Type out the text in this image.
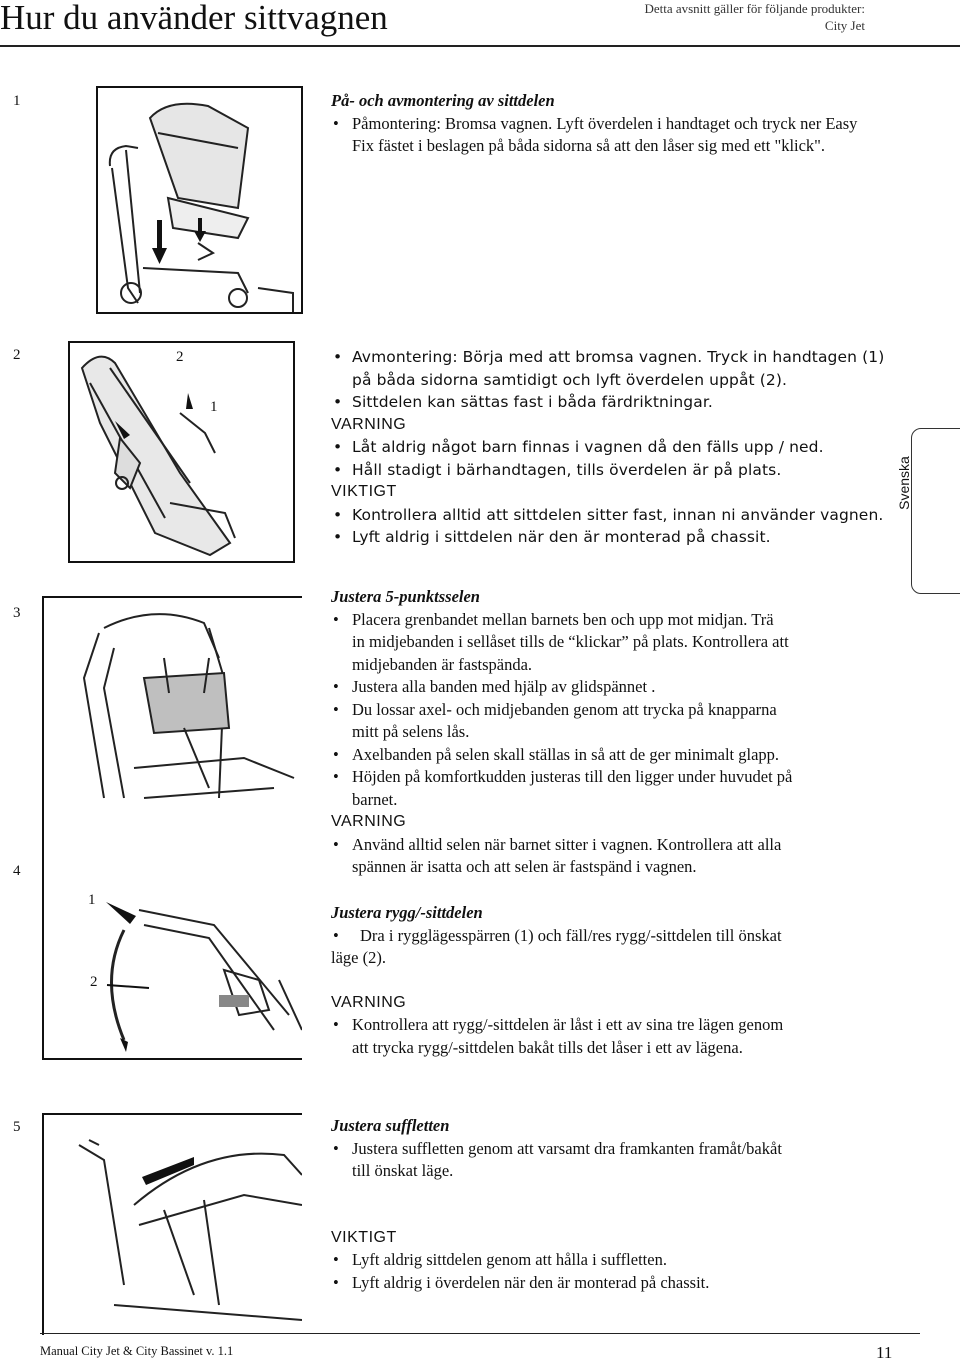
Hur du använder sittvagnen	Detta avsnitt gäller för följande produkter:
City Jet
1
2
3
4
5
2
1
1
2
På- och avmontering av sittdelen
• Påmontering: Bromsa vagnen. Lyft överdelen i handtaget och tryck ner Easy
Fix fästet i beslagen på båda sidorna så att den låser sig med ett "klick".
• Avmontering: Börja med att bromsa vagnen. Tryck in handtagen (1)
på båda sidorna samtidigt och lyft överdelen uppåt (2).
• Sittdelen kan sättas fast i båda färdriktningar.
VARNING
• Låt aldrig något barn finnas i vagnen då den fälls upp / ned.
• Håll stadigt i bärhandtagen, tills överdelen är på plats.
VIKTIGT
• Kontrollera alltid att sittdelen sitter fast, innan ni använder vagnen.
• Lyft aldrig i sittdelen när den är monterad på chassit.
Justera 5-punktsselen
• Placera grenbandet mellan barnets ben och upp mot midjan. Trä
in midjebanden i sellåset tills de “klickar” på plats. Kontrollera att
midjebanden är fastspända.
• Justera alla banden med hjälp av glidspännet .
• Du lossar axel- och midjebanden genom att trycka på knapparna
mitt på selens lås.
• Axelbanden på selen skall ställas in så att de ger minimalt glapp.
• Höjden på komfortkudden justeras till den ligger under huvudet på
barnet.
VARNING
• Använd alltid selen när barnet sitter i vagnen. Kontrollera att alla
spännen är isatta och att selen är fastspänd i vagnen.
Justera rygg/-sittdelen
• Dra i rygglägesspärren (1) och fäll/res rygg/-sittdelen till önskat
läge (2).
VARNING
• Kontrollera att rygg/-sittdelen är låst i ett av sina tre lägen genom
att trycka rygg/-sittdelen bakåt tills det låser i ett av lägena.
Justera suffletten
• Justera suffletten genom att varsamt dra framkanten framåt/bakåt
till önskat läge.
VIKTIGT
• Lyft aldrig sittdelen genom att hålla i suffletten.
• Lyft aldrig i överdelen när den är monterad på chassit.
Svenska
Manual City Jet & City Bassinet v. 1.1	11
